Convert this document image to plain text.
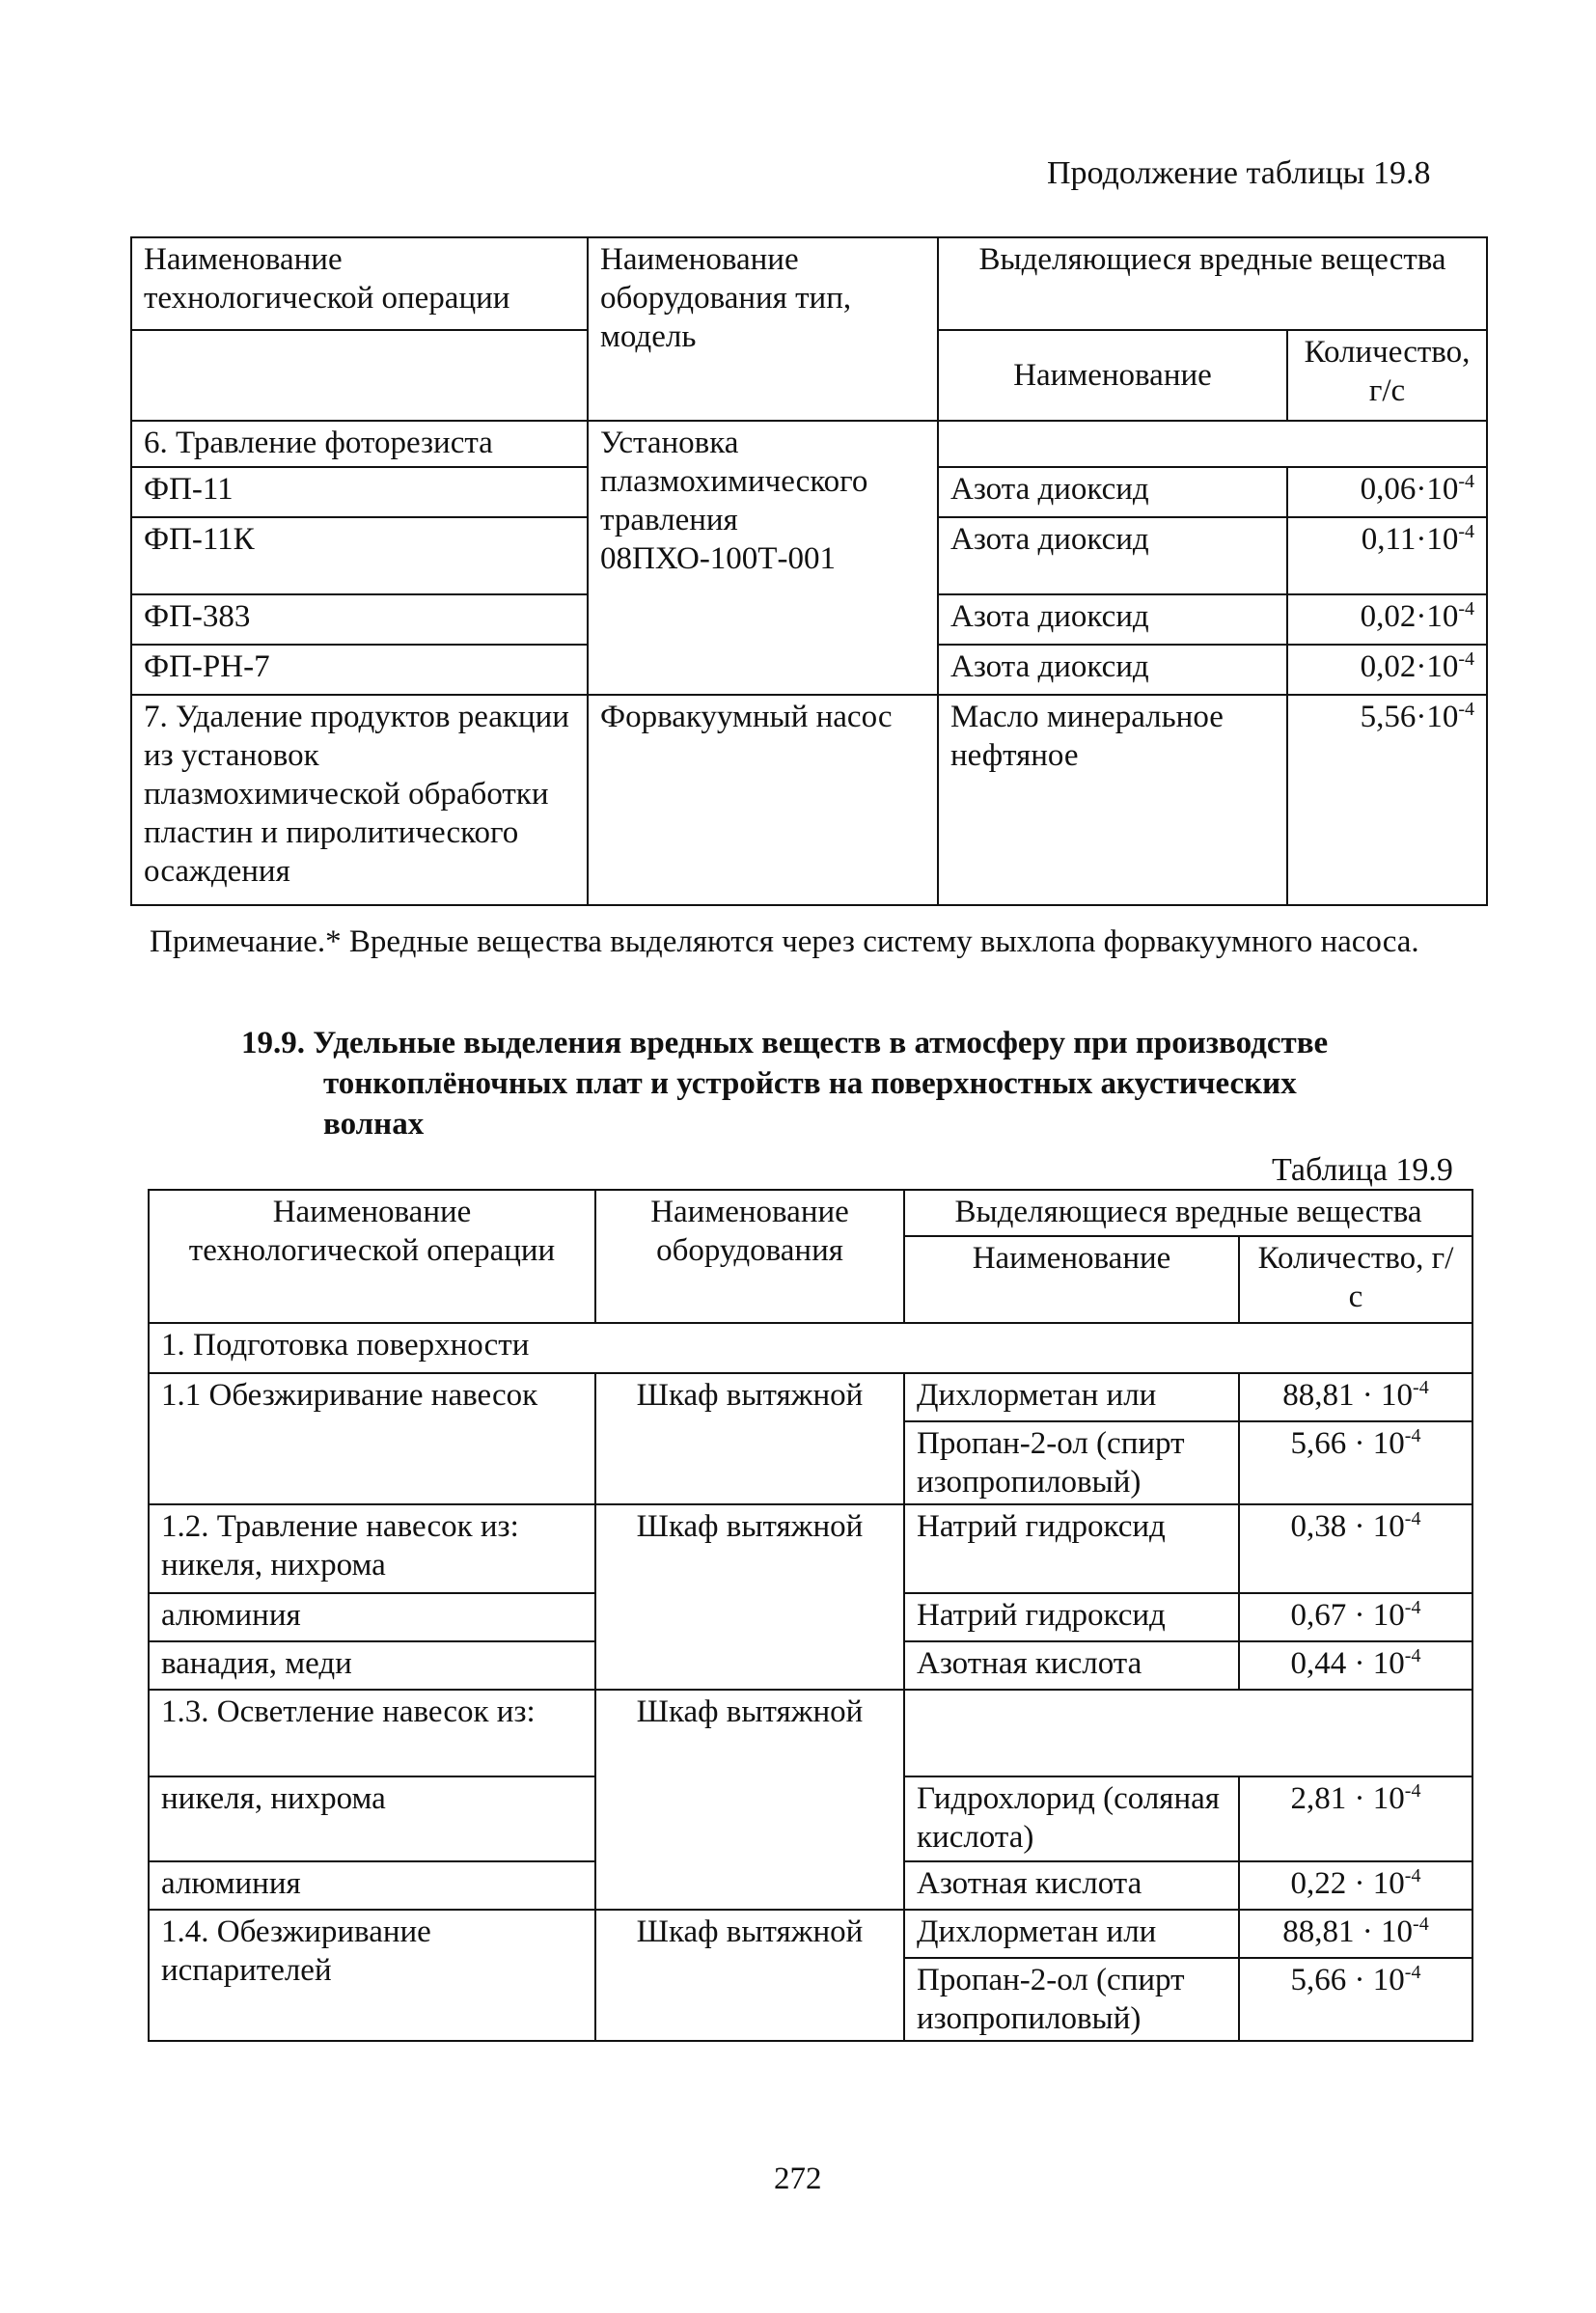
Продолжение таблицы 19.8
Наименование технологической операции	Наименование оборудования тип, модель	Выделяющиеся вредные вещества	
		Наименование	Количество, г/с
6. Травление фоторезиста	Установка плазмохимического травления 08ПХО-100Т-001		
ФП-11		Азота диоксид	$0,06\cdot 10^{-4}$
ФП-11К		Азота диоксид	$0,11\cdot 10^{-4}$
ФП-383		Азота диоксид	$0,02\cdot 10^{-4}$
ФП-РН-7		Азота диоксид	$0,02\cdot 10^{-4}$
7. Удаление продуктов реакции из установок плазмохимической обработки пластин и пиролитического осаждения	Форвакуумный насос	Масло минеральное нефтяное	$5,56\cdot 10^{-4}$
Примечание.* Вредные вещества выделяются через систему выхлопа форвакуумного насоса.
19.9. Удельные выделения вредных веществ в атмосферу при производстве
тонкоплёночных плат и устройств на поверхностных акустических
волнах
Таблица 19.9
Наименование технологической операции	Наименование оборудования	Выделяющиеся вредные вещества	
		Наименование	Количество, г/с
1. Подготовка поверхности			
1.1 Обезжиривание навесок	Шкаф вытяжной	Дихлорметан или	$88,81 \cdot 10^{-4}$
		Пропан-2-ол (спирт изопропиловый)	$5,66 \cdot 10^{-4}$
1.2. Травление навесок из: никеля, нихрома	Шкаф вытяжной	Натрий гидроксид	$0,38 \cdot 10^{-4}$
алюминия		Натрий гидроксид	$0,67 \cdot 10^{-4}$
ванадия, меди		Азотная кислота	$0,44 \cdot 10^{-4}$
1.3. Осветление навесок из:	Шкаф вытяжной		
никеля, нихрома		Гидрохлорид (соляная кислота)	$2,81 \cdot 10^{-4}$
алюминия		Азотная кислота	$0,22 \cdot 10^{-4}$
1.4. Обезжиривание испарителей	Шкаф вытяжной	Дихлорметан или	$88,81 \cdot 10^{-4}$
		Пропан-2-ол (спирт изопропиловый)	$5,66 \cdot 10^{-4}$
272
